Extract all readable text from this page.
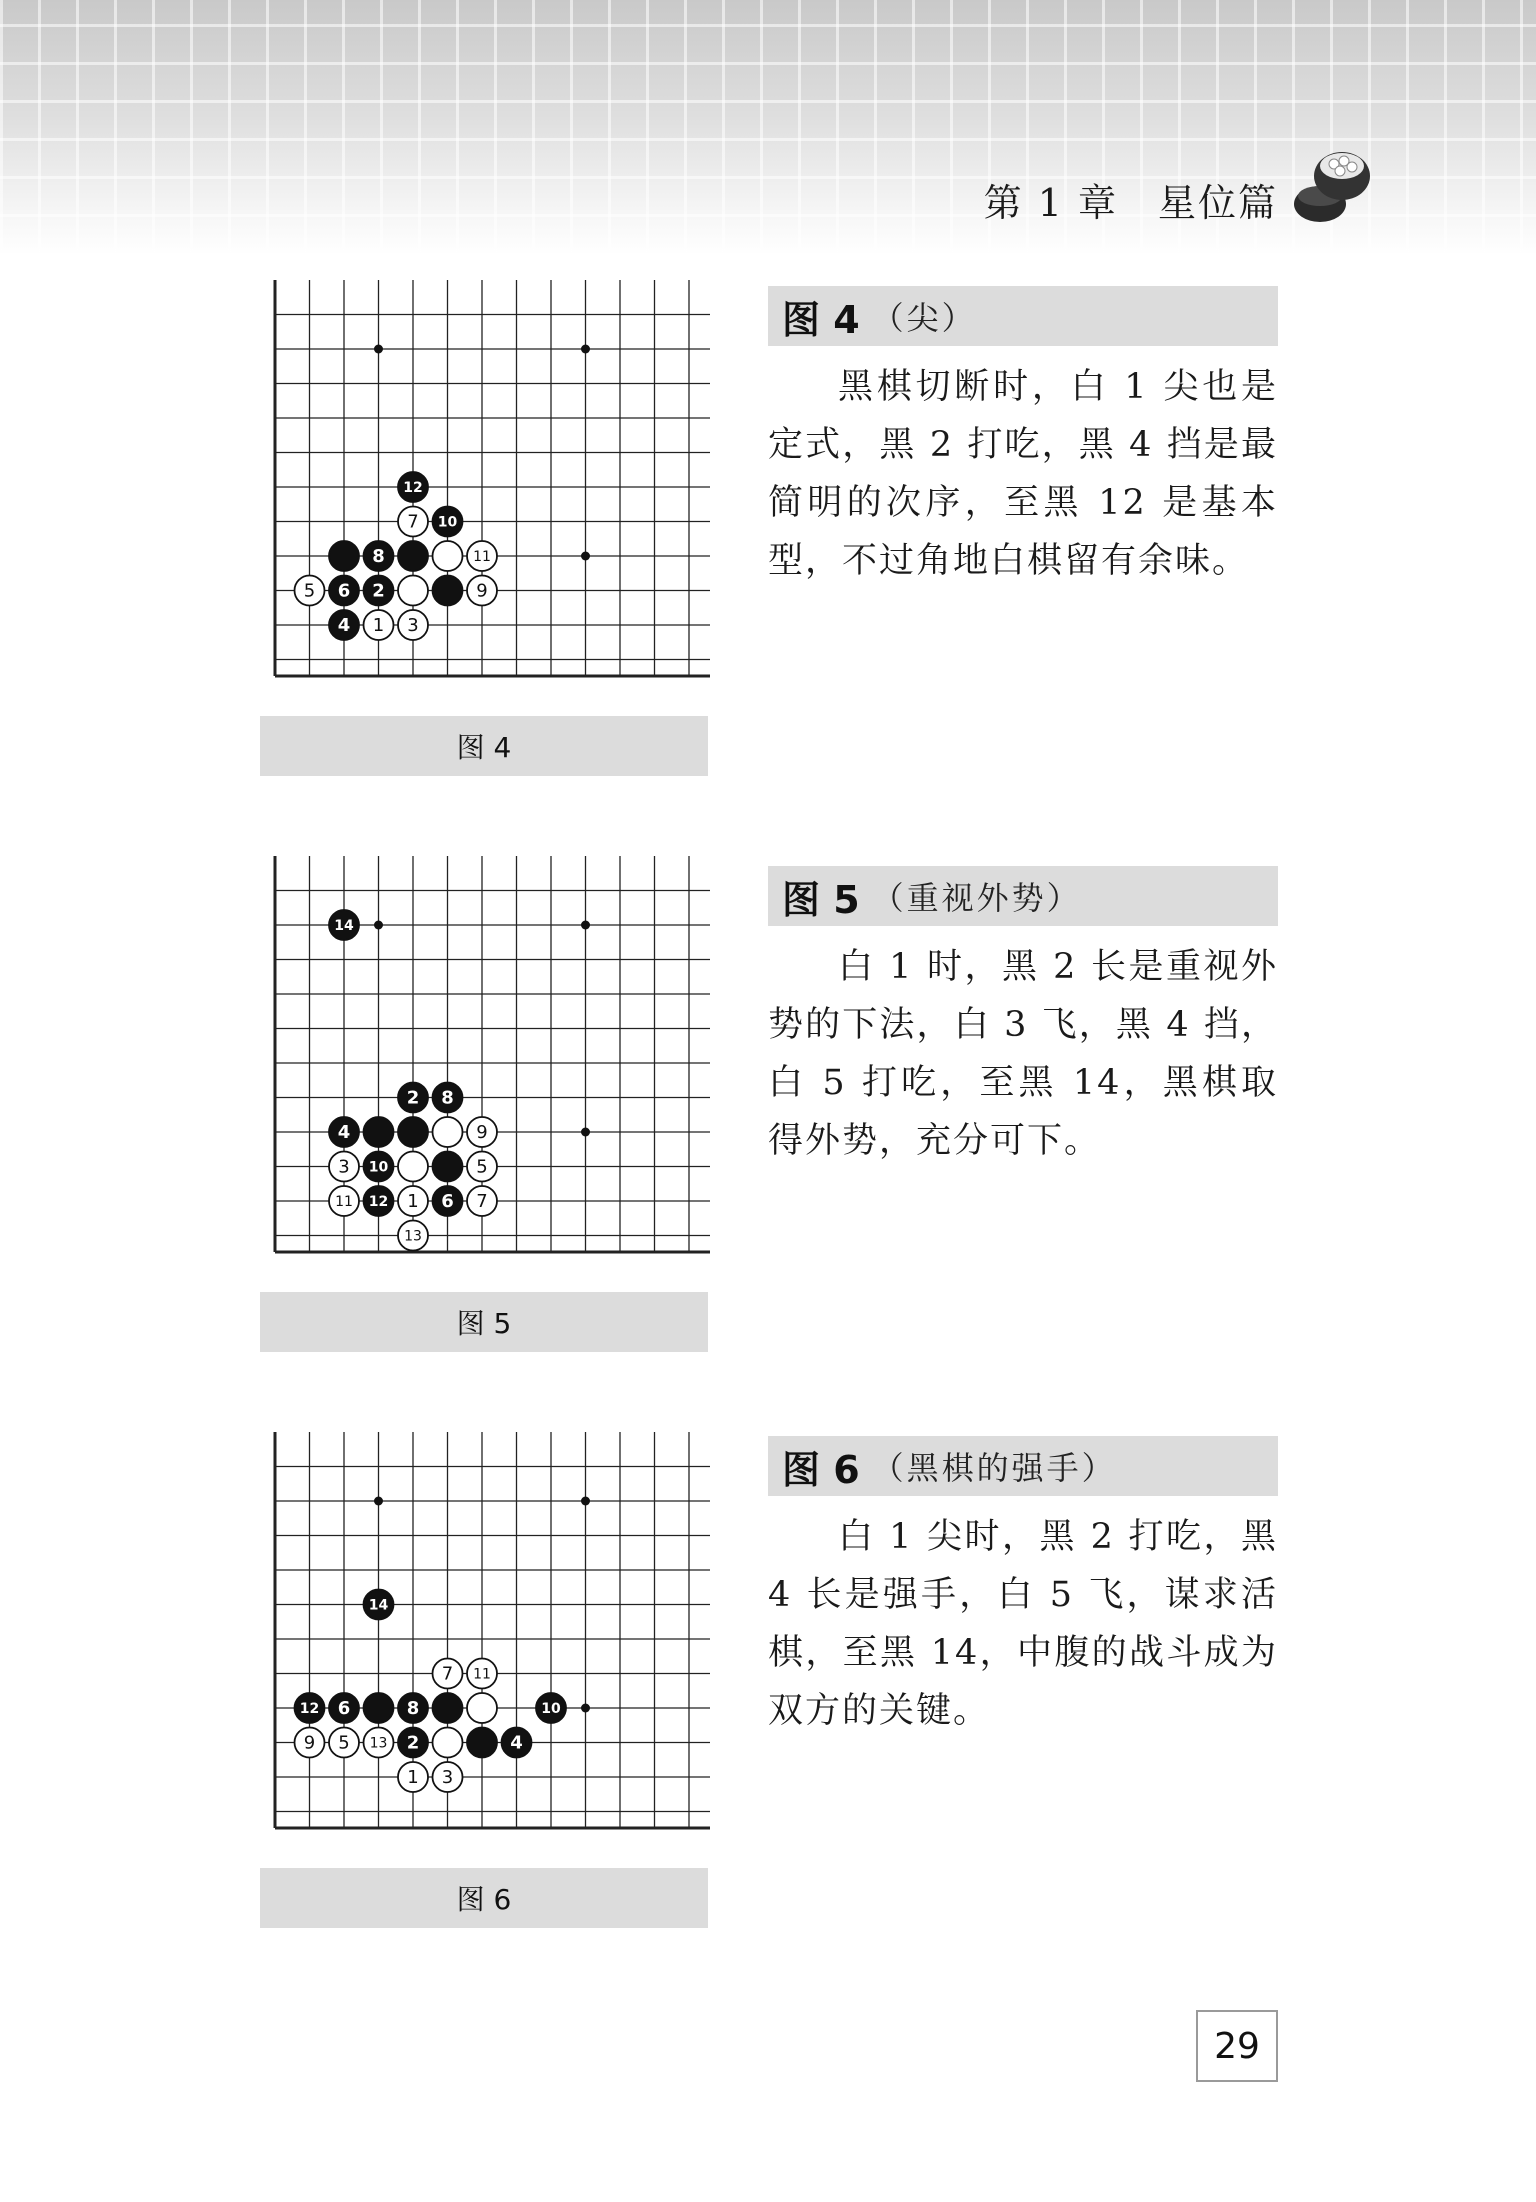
第 1 章　星位篇
12
7 10
8	11
5 6 2	9
4 1 3
图 4
图 4 （尖）

黑棋切断时，白 1 尖也是定式，黑 2 打吃，黑 4 挡是最简明的次序，至黑 12 是基本型，不过角地白棋留有余味。

14
2 8
4	9
3 10	5
11 12 1 6 7
13
图 5
图 5 （重视外势）

白 1 时，黑 2 长是重视外势的下法，白 3 飞，黑 4 挡，白 5 打吃，至黑 14，黑棋取得外势，充分可下。

14
7 11
12 6	8	10
9 5 13 2	4
1 3
图 6
图 6 （黑棋的强手）

白 1 尖时，黑 2 打吃，黑 4 长是强手，白 5 飞，谋求活棋，至黑 14，中腹的战斗成为双方的关键。

29
